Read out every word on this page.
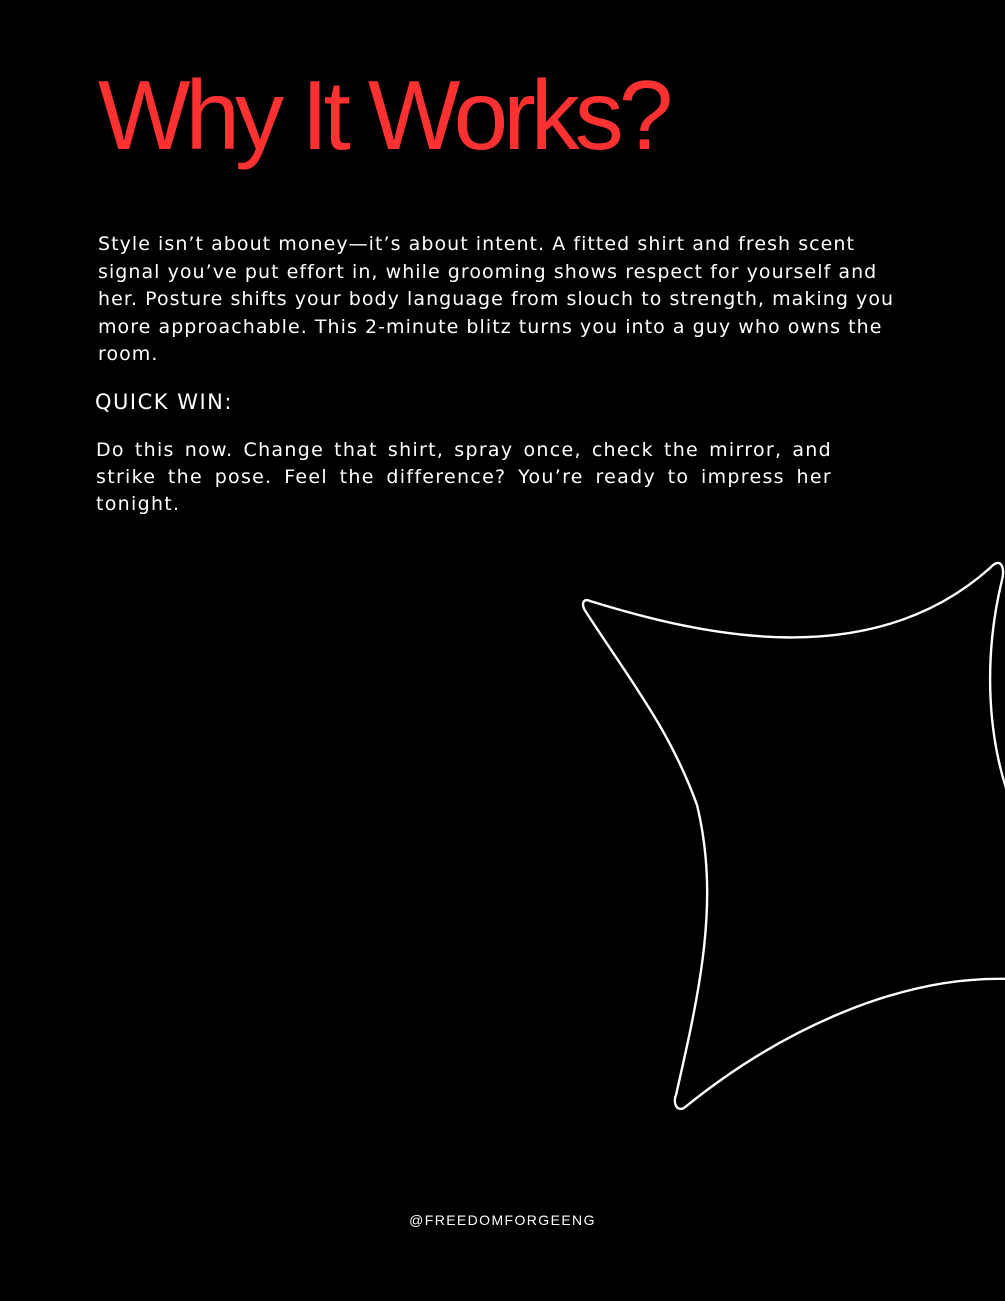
Why It Works?

Style isn’t about money—it’s about intent. A fitted shirt and fresh scent signal you’ve put effort in, while grooming shows respect for yourself and her. Posture shifts your body language from slouch to strength, making you more approachable. This 2-minute blitz turns you into a guy who owns the room.

QUICK WIN:

Do this now. Change that shirt, spray once, check the mirror, and strike the pose. Feel the difference? You’re ready to impress her tonight.

@FREEDOMFORGEENG
